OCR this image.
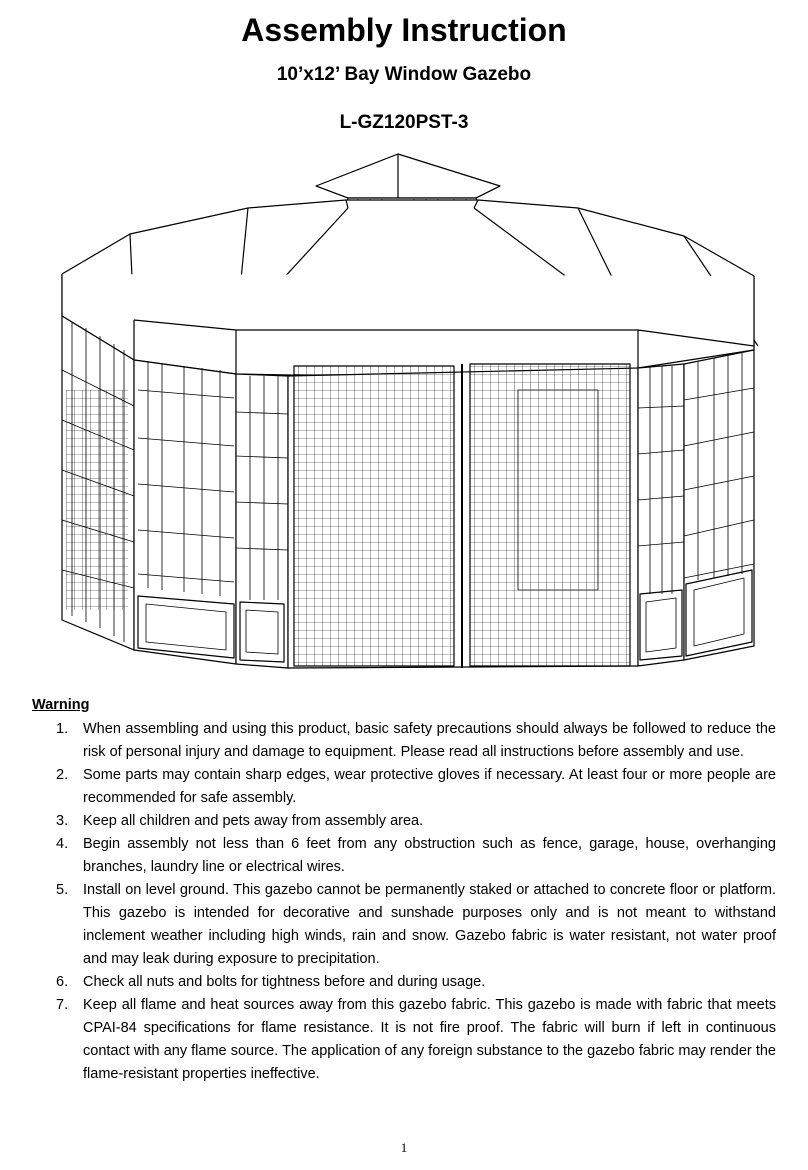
Assembly Instruction
10’x12’ Bay Window Gazebo
L-GZ120PST-3
Warning
1. When assembling and using this product, basic safety precautions should always be followed to reduce the risk of personal injury and damage to equipment. Please read all instructions before assembly and use.
2. Some parts may contain sharp edges, wear protective gloves if necessary. At least four or more people are recommended for safe assembly.
3. Keep all children and pets away from assembly area.
4. Begin assembly not less than 6 feet from any obstruction such as fence, garage, house, overhanging branches, laundry line or electrical wires.
5. Install on level ground. This gazebo cannot be permanently staked or attached to concrete floor or platform. This gazebo is intended for decorative and sunshade purposes only and is not meant to withstand inclement weather including high winds, rain and snow. Gazebo fabric is water resistant, not water proof and may leak during exposure to precipitation.
6. Check all nuts and bolts for tightness before and during usage.
7. Keep all flame and heat sources away from this gazebo fabric. This gazebo is made with fabric that meets CPAI-84 specifications for flame resistance. It is not fire proof. The fabric will burn if left in continuous contact with any flame source. The application of any foreign substance to the gazebo fabric may render the flame-resistant properties ineffective.
1
